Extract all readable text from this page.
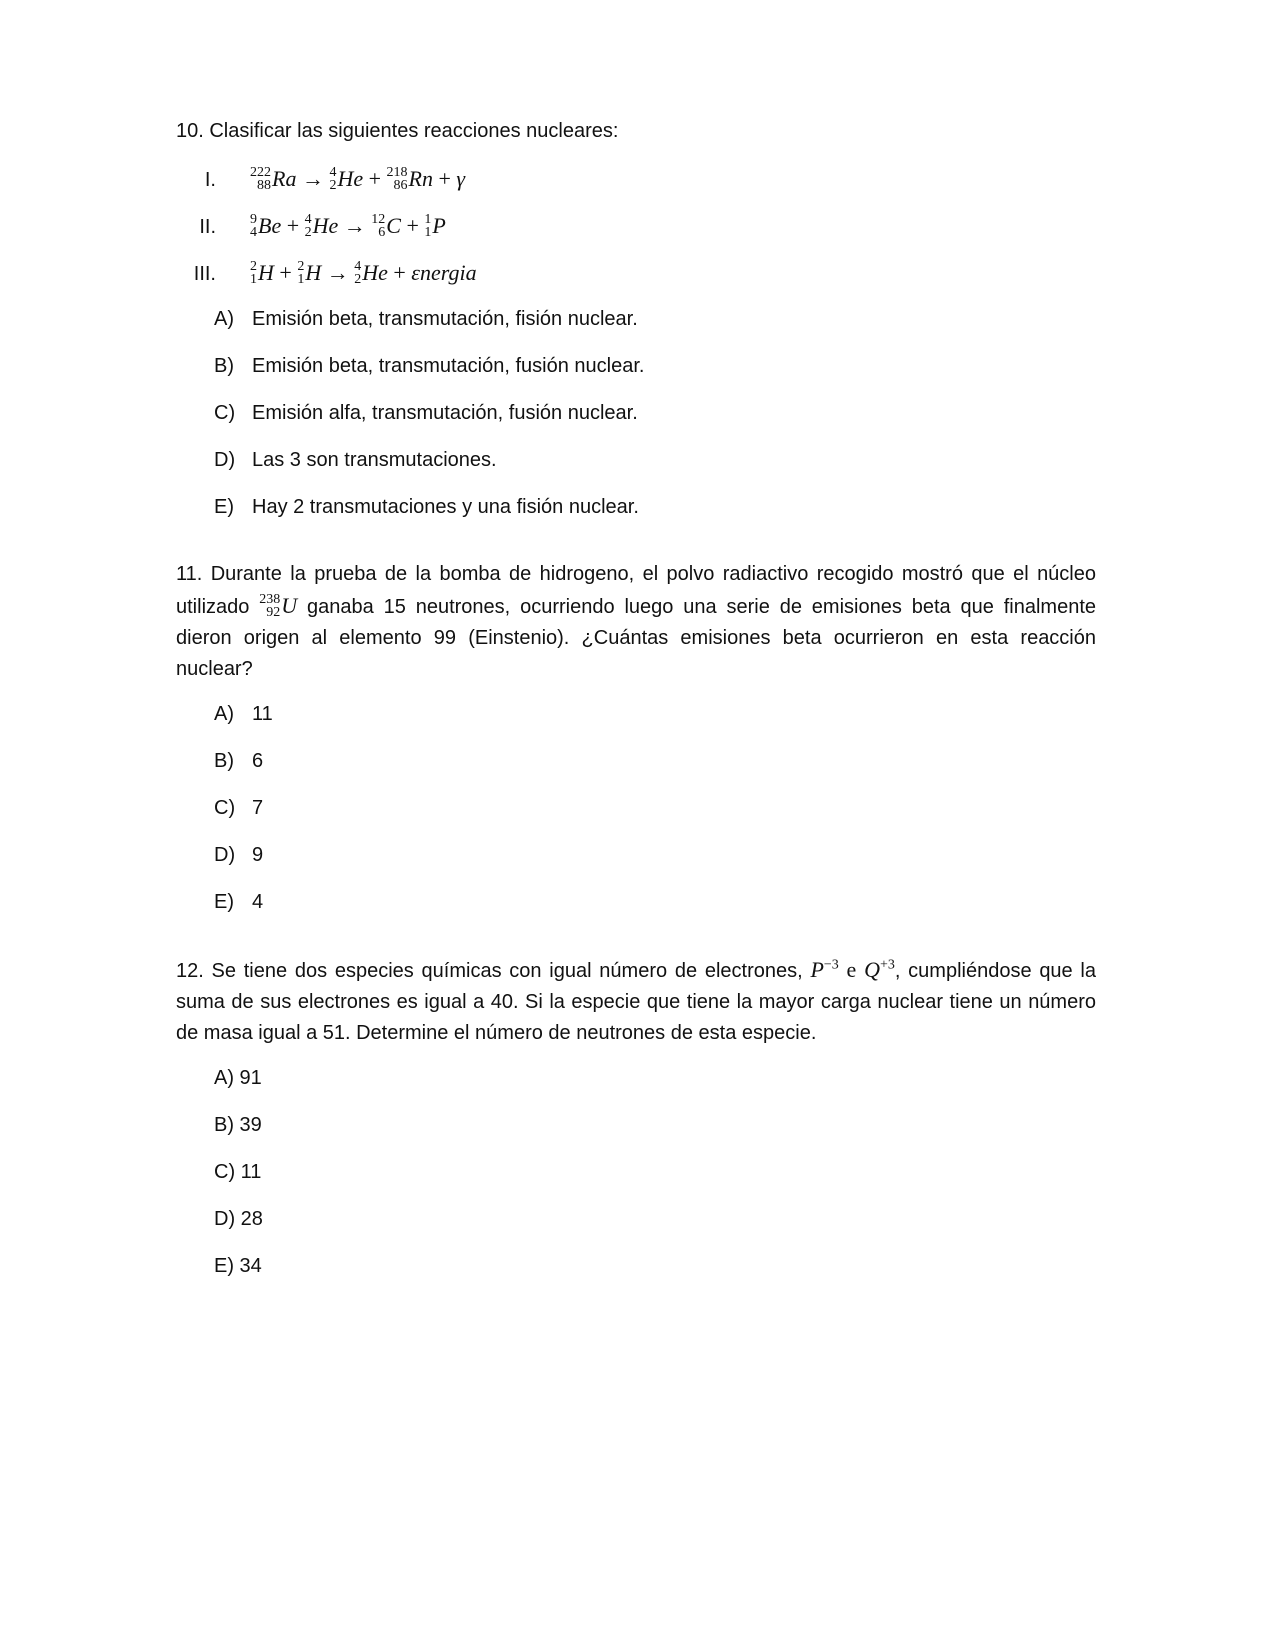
10. Clasificar las siguientes reacciones nucleares:

I.	222
88 Ra → 4
2 He + 218
86 Rn + γ
II.	9
4 Be + 4
2 He → 12
6 C + 1
1 P
III.	2
1 H + 2
1 H → 4
2 He + εnergia
A) Emisión beta, transmutación, fisión nuclear.
B) Emisión beta, transmutación, fusión nuclear.
C) Emisión alfa, transmutación, fusión nuclear.
D) Las 3 son transmutaciones.
E) Hay 2 transmutaciones y una fisión nuclear.

11. Durante la prueba de la bomba de hidrogeno, el polvo radiactivo recogido mostró que el núcleo utilizado 238
92 U ganaba 15 neutrones, ocurriendo luego una serie de emisiones beta que finalmente dieron origen al elemento 99 (Einstenio). ¿Cuántas emisiones beta ocurrieron en esta reacción nuclear?

A) 11
B) 6
C) 7
D) 9
E) 4

12. Se tiene dos especies químicas con igual número de electrones, $P^{-3}$ e $Q^{+3}$, cumpliéndose que la suma de sus electrones es igual a 40. Si la especie que tiene la mayor carga nuclear tiene un número de masa igual a 51. Determine el número de neutrones de esta especie.

A) 91
B) 39
C) 11
D) 28
E) 34
